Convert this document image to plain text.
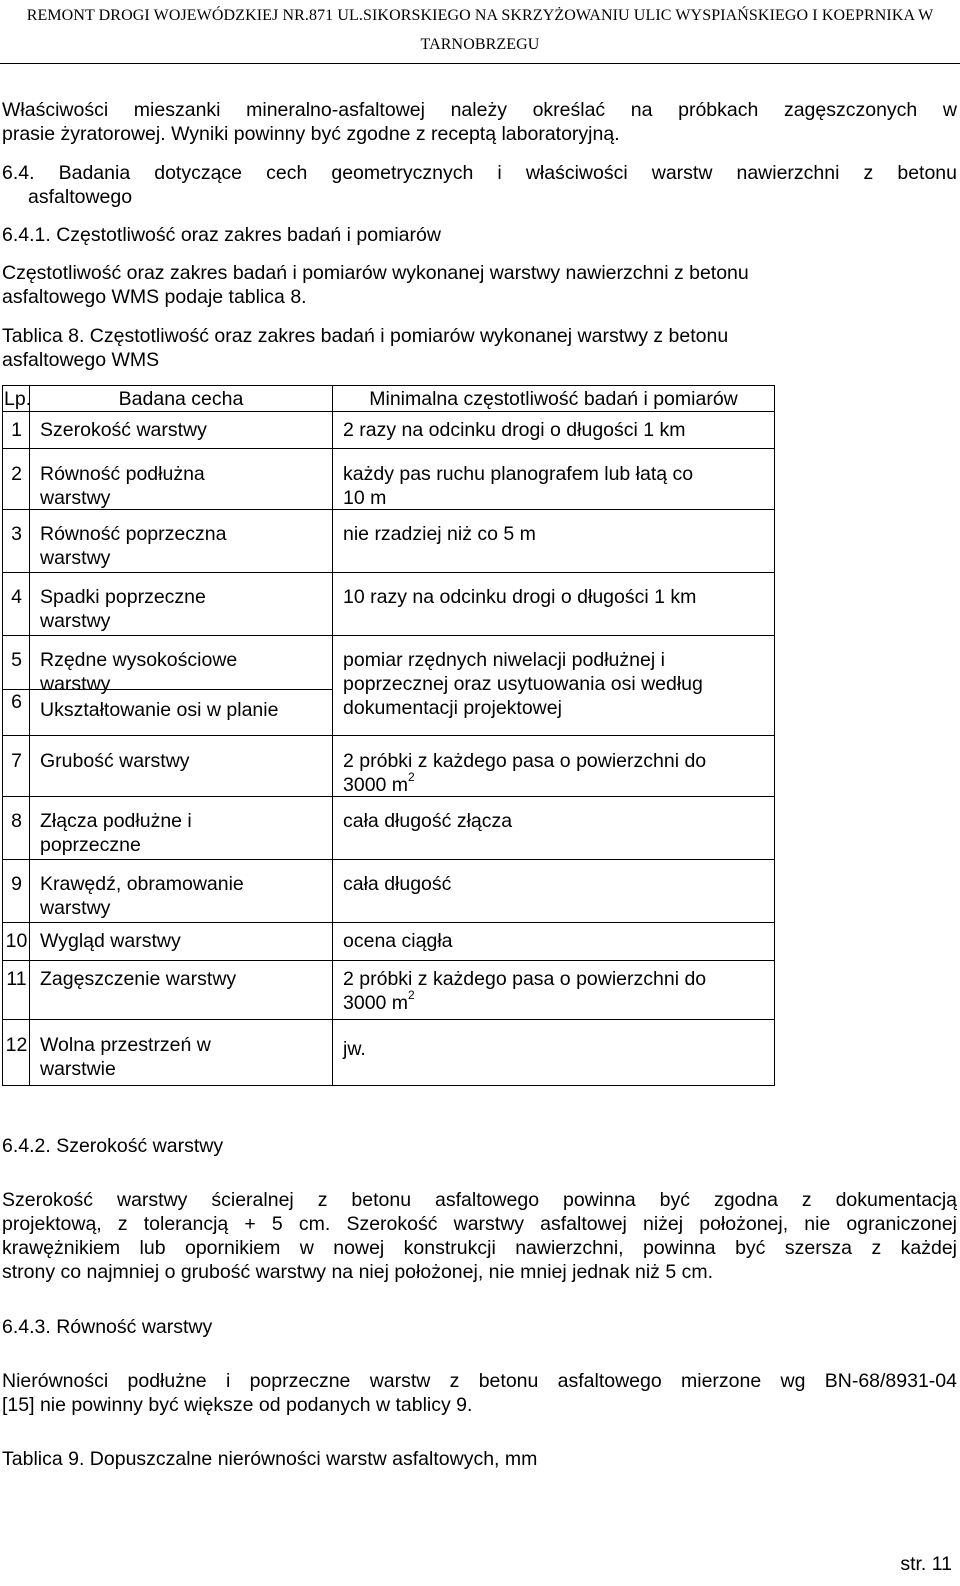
REMONT DROGI WOJEWÓDZKIEJ NR.871 UL.SIKORSKIEGO NA SKRZYŻOWANIU ULIC WYSPIAŃSKIEGO I KOEPRNIKA W
TARNOBRZEGU
Właściwości mieszanki mineralno-asfaltowej należy określać na próbkach zagęszczonych w
prasie żyratorowej. Wyniki powinny być zgodne z receptą laboratoryjną.
6.4. Badania dotyczące cech geometrycznych i właściwości warstw nawierzchni z betonu
asfaltowego
6.4.1. Częstotliwość oraz zakres badań i pomiarów
Częstotliwość oraz zakres badań i pomiarów wykonanej warstwy nawierzchni z betonu
asfaltowego WMS podaje tablica 8.
Tablica 8. Częstotliwość oraz zakres badań i pomiarów wykonanej warstwy z betonu
asfaltowego WMS
Lp.	Badana cecha	Minimalna częstotliwość badań i pomiarów

1	Szerokość warstwy	2 razy na odcinku drogi o długości 1 km

2	Równość podłużna
warstwy	każdy pas ruchu planografem lub łatą co
10 m

3	Równość poprzeczna
warstwy	nie rzadziej niż co 5 m

4	Spadki poprzeczne
warstwy	10 razy na odcinku drogi o długości 1 km

5	Rzędne wysokościowe
warstwy	pomiar rzędnych niwelacji podłużnej i
poprzecznej oraz usytuowania osi według
dokumentacji projektowej

6	Ukształtowanie osi w planie	

7	Grubość warstwy	2 próbki z każdego pasa o powierzchni do
3000 $m^2$

8	Złącza podłużne i
poprzeczne	cała długość złącza

9	Krawędź, obramowanie
warstwy	cała długość

10	Wygląd warstwy	ocena ciągła

11	Zagęszczenie warstwy	2 próbki z każdego pasa o powierzchni do
3000 $m^2$

12	Wolna przestrzeń w
warstwie	jw.
6.4.2. Szerokość warstwy
Szerokość warstwy ścieralnej z betonu asfaltowego powinna być zgodna z dokumentacją
projektową, z tolerancją + 5 cm. Szerokość warstwy asfaltowej niżej położonej, nie ograniczonej
krawężnikiem lub opornikiem w nowej konstrukcji nawierzchni, powinna być szersza z każdej
strony co najmniej o grubość warstwy na niej położonej, nie mniej jednak niż 5 cm.
6.4.3. Równość warstwy
Nierówności podłużne i poprzeczne warstw z betonu asfaltowego mierzone wg BN-68/8931-04
[15] nie powinny być większe od podanych w tablicy 9.
Tablica 9. Dopuszczalne nierówności warstw asfaltowych, mm
str. 11
